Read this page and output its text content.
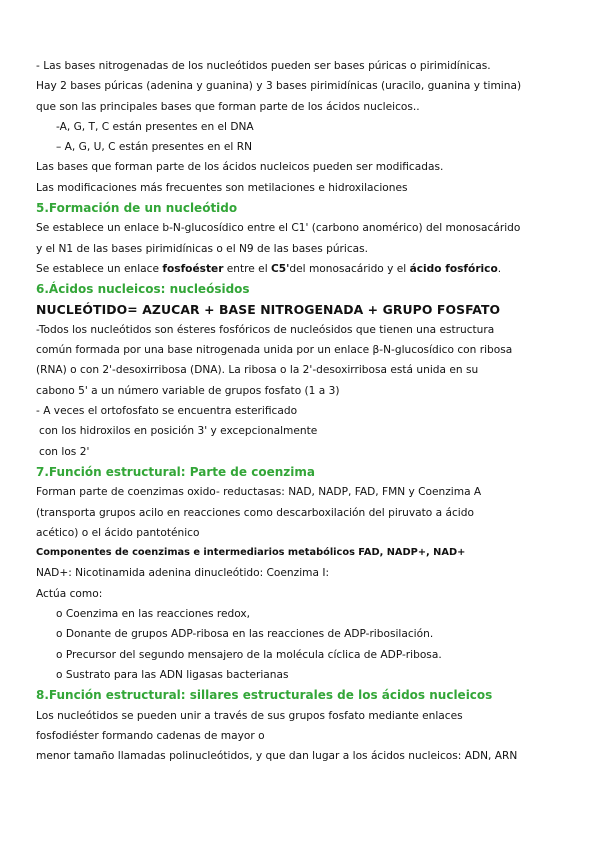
- Las bases nitrogenadas de los nucleótidos pueden ser bases púricas o pirimidínicas.
Hay 2 bases púricas (adenina y guanina) y 3 bases pirimidínicas (uracilo, guanina y timina)
que son las principales bases que forman parte de los ácidos nucleicos..
-A, G, T, C están presentes en el DNA
– A, G, U, C están presentes en el RN
Las bases que forman parte de los ácidos nucleicos pueden ser modificadas.
Las modificaciones más frecuentes son metilaciones e hidroxilaciones
5.Formación de un nucleótido
Se establece un enlace b-N-glucosídico entre el C1' (carbono anomérico) del monosacárido
y el N1 de las bases pirimidínicas o el N9 de las bases púricas.
Se establece un enlace fosfoéster entre el C5'del monosacárido y el ácido fosfórico.
6.Ácidos nucleicos: nucleósidos
NUCLEÓTIDO= AZUCAR + BASE NITROGENADA + GRUPO FOSFATO
-Todos los nucleótidos son ésteres fosfóricos de nucleósidos que tienen una estructura
común formada por una base nitrogenada unida por un enlace β-N-glucosídico con ribosa
(RNA) o con 2'-desoxirribosa (DNA). La ribosa o la 2'-desoxirribosa está unida en su
cabono 5' a un número variable de grupos fosfato (1 a 3)
- A veces el ortofosfato se encuentra esterificado
con los hidroxilos en posición 3' y excepcionalmente
con los 2'
7.Función estructural: Parte de coenzima
Forman parte de coenzimas oxido- reductasas: NAD, NADP, FAD, FMN y Coenzima A
(transporta grupos acilo en reacciones como descarboxilación del piruvato a ácido
acético) o el ácido pantoténico
Componentes de coenzimas e intermediarios metabólicos FAD, NADP+, NAD+
NAD+: Nicotinamida adenina dinucleótido: Coenzima I:
Actúa como:
o Coenzima en las reacciones redox,
o Donante de grupos ADP-ribosa en las reacciones de ADP-ribosilación.
o Precursor del segundo mensajero de la molécula cíclica de ADP-ribosa.
o Sustrato para las ADN ligasas bacterianas
8.Función estructural: sillares estructurales de los ácidos nucleicos
Los nucleótidos se pueden unir a través de sus grupos fosfato mediante enlaces
fosfodiéster formando cadenas de mayor o
menor tamaño llamadas polinucleótidos, y que dan lugar a los ácidos nucleicos: ADN, ARN
